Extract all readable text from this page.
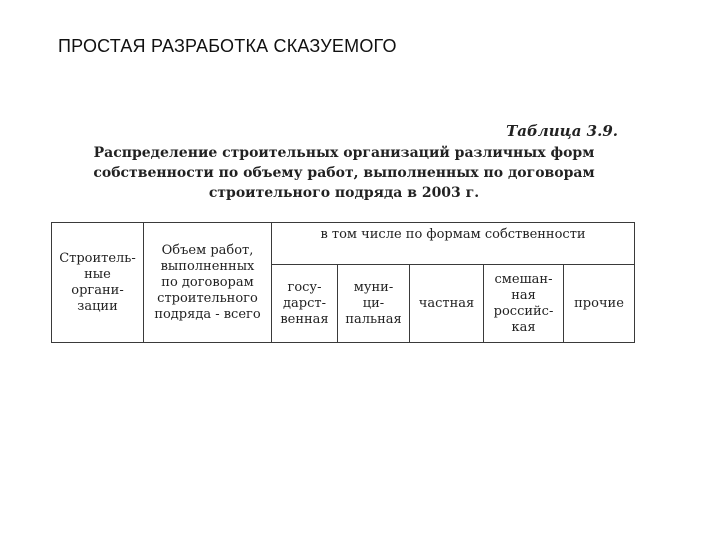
ПРОСТАЯ РАЗРАБОТКА СКАЗУЕМОГО
Таблица 3.9.
Распределение строительных организаций различных форм
собственности по объему работ, выполненных по договорам
строительного подряда в 2003 г.
Строитель-
ные
органи-
зации	Объем работ,
выполненных
по договорам
строительного
подряда - всего	в том числе по формам собственности				

		госу-
дарст-
венная	муни-
ци-
пальная	частная	смешан-
ная
российс-
кая	прочие
